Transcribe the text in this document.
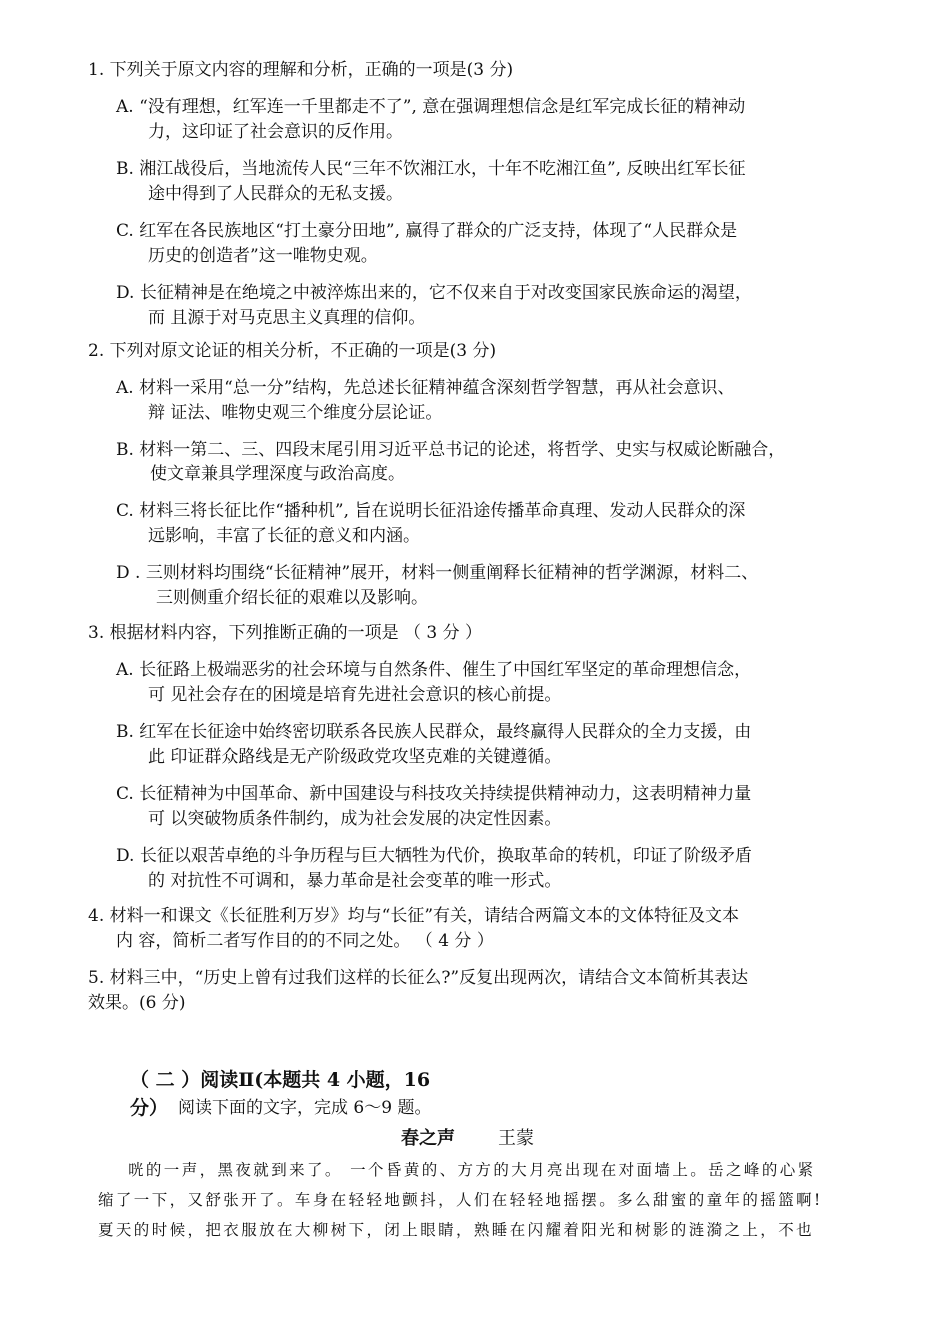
1. 下列关于原文内容的理解和分析，正确的一项是(3 分)
A. “没有理想，红军连一千里都走不了”, 意在强调理想信念是红军完成长征的精神动
力，这印证了社会意识的反作用。
B. 湘江战役后，当地流传人民“三年不饮湘江水，十年不吃湘江鱼”, 反映出红军长征
途中得到了人民群众的无私支援。
C. 红军在各民族地区“打土豪分田地”, 赢得了群众的广泛支持，体现了“人民群众是
历史的创造者”这一唯物史观。
D. 长征精神是在绝境之中被淬炼出来的，它不仅来自于对改变国家民族命运的渴望，
而 且源于对马克思主义真理的信仰。
2. 下列对原文论证的相关分析，不正确的一项是(3 分)
A. 材料一采用“总一分”结构，先总述长征精神蕴含深刻哲学智慧，再从社会意识、
辩 证法、唯物史观三个维度分层论证。
B. 材料一第二、三、四段末尾引用习近平总书记的论述，将哲学、史实与权威论断融合，
使文章兼具学理深度与政治高度。
C. 材料三将长征比作“播种机”, 旨在说明长征沿途传播革命真理、发动人民群众的深
远影响，丰富了长征的意义和内涵。
D . 三则材料均围绕“长征精神”展开，材料一侧重阐释长征精神的哲学渊源，材料二、
三则侧重介绍长征的艰难以及影响。
3. 根据材料内容，下列推断正确的一项是 （ 3 分 ）
A. 长征路上极端恶劣的社会环境与自然条件、催生了中国红军坚定的革命理想信念，
可 见社会存在的困境是培育先进社会意识的核心前提。
B. 红军在长征途中始终密切联系各民族人民群众，最终赢得人民群众的全力支援，由
此 印证群众路线是无产阶级政党攻坚克难的关键遵循。
C. 长征精神为中国革命、新中国建设与科技攻关持续提供精神动力，这表明精神力量
可 以突破物质条件制约，成为社会发展的决定性因素。
D. 长征以艰苦卓绝的斗争历程与巨大牺牲为代价，换取革命的转机，印证了阶级矛盾
的 对抗性不可调和，暴力革命是社会变革的唯一形式。
4. 材料一和课文《长征胜利万岁》均与“长征”有关，请结合两篇文本的文体特征及文本
内 容，简析二者写作目的的不同之处。 （ 4 分 ）
5. 材料三中，“历史上曾有过我们这样的长征么?”反复出现两次，请结合文本简析其表达
效果。(6 分)
（ 二 ）阅读Ⅱ(本题共 4 小题，16
分） 阅读下面的文字，完成 6～9 题。
春之声 王蒙
咣的一声，黑夜就到来了。 一个昏黄的、方方的大月亮出现在对面墙上。岳之峰的心紧
缩了一下，又舒张开了。车身在轻轻地颤抖，人们在轻轻地摇摆。多么甜蜜的童年的摇篮啊!
夏天的时候，把衣服放在大柳树下，闭上眼睛，熟睡在闪耀着阳光和树影的涟漪之上，不也
